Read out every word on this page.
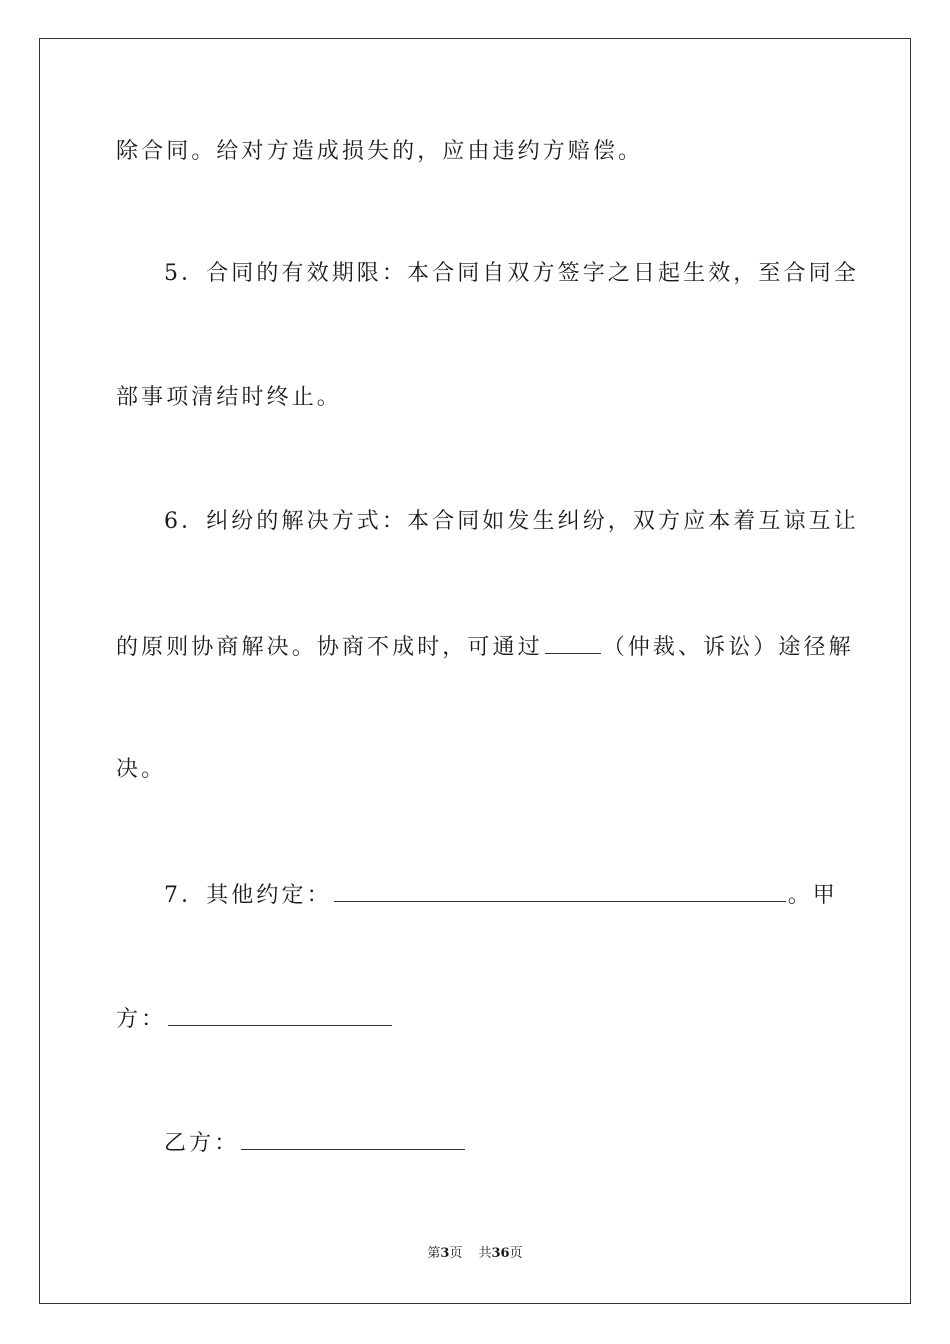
除合同。给对方造成损失的，应由违约方赔偿。
5．合同的有效期限：本合同自双方签字之日起生效，至合同全
部事项清结时终止。
6．纠纷的解决方式：本合同如发生纠纷，双方应本着互谅互让
的原则协商解决。协商不成时，可通过	（仲裁、诉讼）途径解
决。
7．其他约定：	。甲
方：
乙方：
第3页 共36页
